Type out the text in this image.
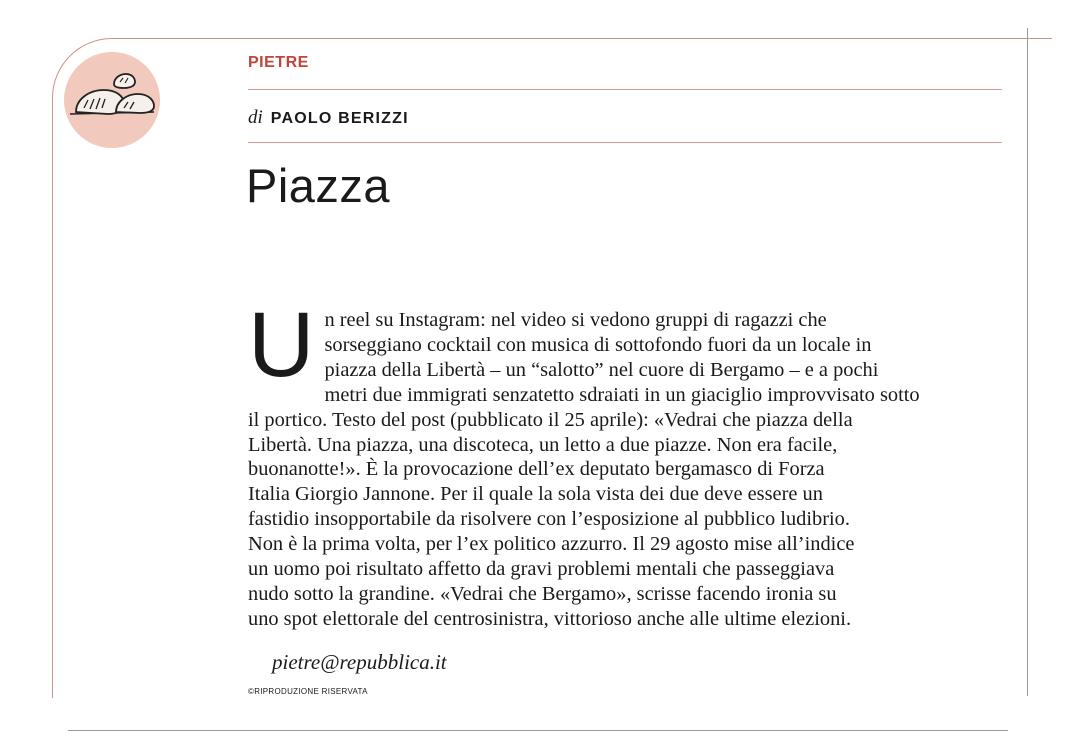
PIETRE
di PAOLO BERIZZI
Piazza
U n reel su Instagram: nel video si vedono gruppi di ragazzi che

sorseggiano cocktail con musica di sottofondo fuori da un locale in

piazza della Libertà – un “salotto” nel cuore di Bergamo – e a pochi

metri due immigrati senzatetto sdraiati in un giaciglio improvvisato sotto

il portico. Testo del post (pubblicato il 25 aprile): «Vedrai che piazza della

Libertà. Una piazza, una discoteca, un letto a due piazze. Non era facile,

buonanotte!». È la provocazione dell’ex deputato bergamasco di Forza

Italia Giorgio Jannone. Per il quale la sola vista dei due deve essere un

fastidio insopportabile da risolvere con l’esposizione al pubblico ludibrio.

Non è la prima volta, per l’ex politico azzurro. Il 29 agosto mise all’indice

un uomo poi risultato affetto da gravi problemi mentali che passeggiava

nudo sotto la grandine. «Vedrai che Bergamo», scrisse facendo ironia su

uno spot elettorale del centrosinistra, vittorioso anche alle ultime elezioni.

pietre@repubblica.it
©RIPRODUZIONE RISERVATA
